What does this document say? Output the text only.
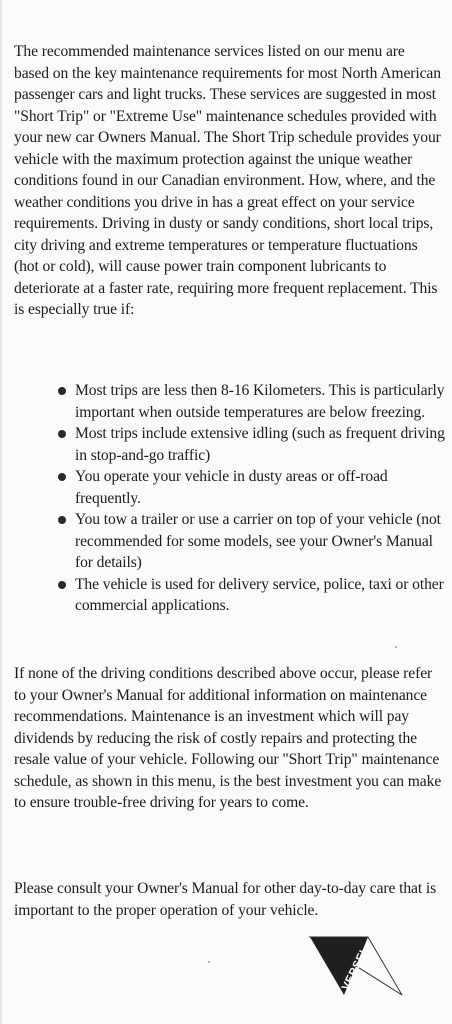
The recommended maintenance services listed on our menu are based on the key maintenance requirements for most North American passenger cars and light trucks. These services are suggested in most "Short Trip" or "Extreme Use" maintenance schedules provided with your new car Owners Manual. The Short Trip schedule provides your vehicle with the maximum protection against the unique weather conditions found in our Canadian environment. How, where, and the weather conditions you drive in has a great effect on your service requirements. Driving in dusty or sandy conditions, short local trips, city driving and extreme temperatures or temperature fluctuations (hot or cold), will cause power train component lubricants to deteriorate at a faster rate, requiring more frequent replacement. This is especially true if:

Most trips are less then 8-16 Kilometers. This is particularly important when outside temperatures are below freezing.
Most trips include extensive idling (such as frequent driving in stop-and-go traffic)
You operate your vehicle in dusty areas or off-road frequently.
You tow a trailer or use a carrier on top of your vehicle (not recommended for some models, see your Owner's Manual for details)
The vehicle is used for delivery service, police, taxi or other commercial applications.

If none of the driving conditions described above occur, please refer to your Owner's Manual for additional information on maintenance recommendations. Maintenance is an investment which will pay dividends by reducing the risk of costly repairs and protecting the resale value of your vehicle. Following our "Short Trip" maintenance schedule, as shown in this menu, is the best investment you can make to ensure trouble-free driving for years to come.

Please consult your Owner's Manual for other day-to-day care that is important to the proper operation of your vehicle.

VERSEL
